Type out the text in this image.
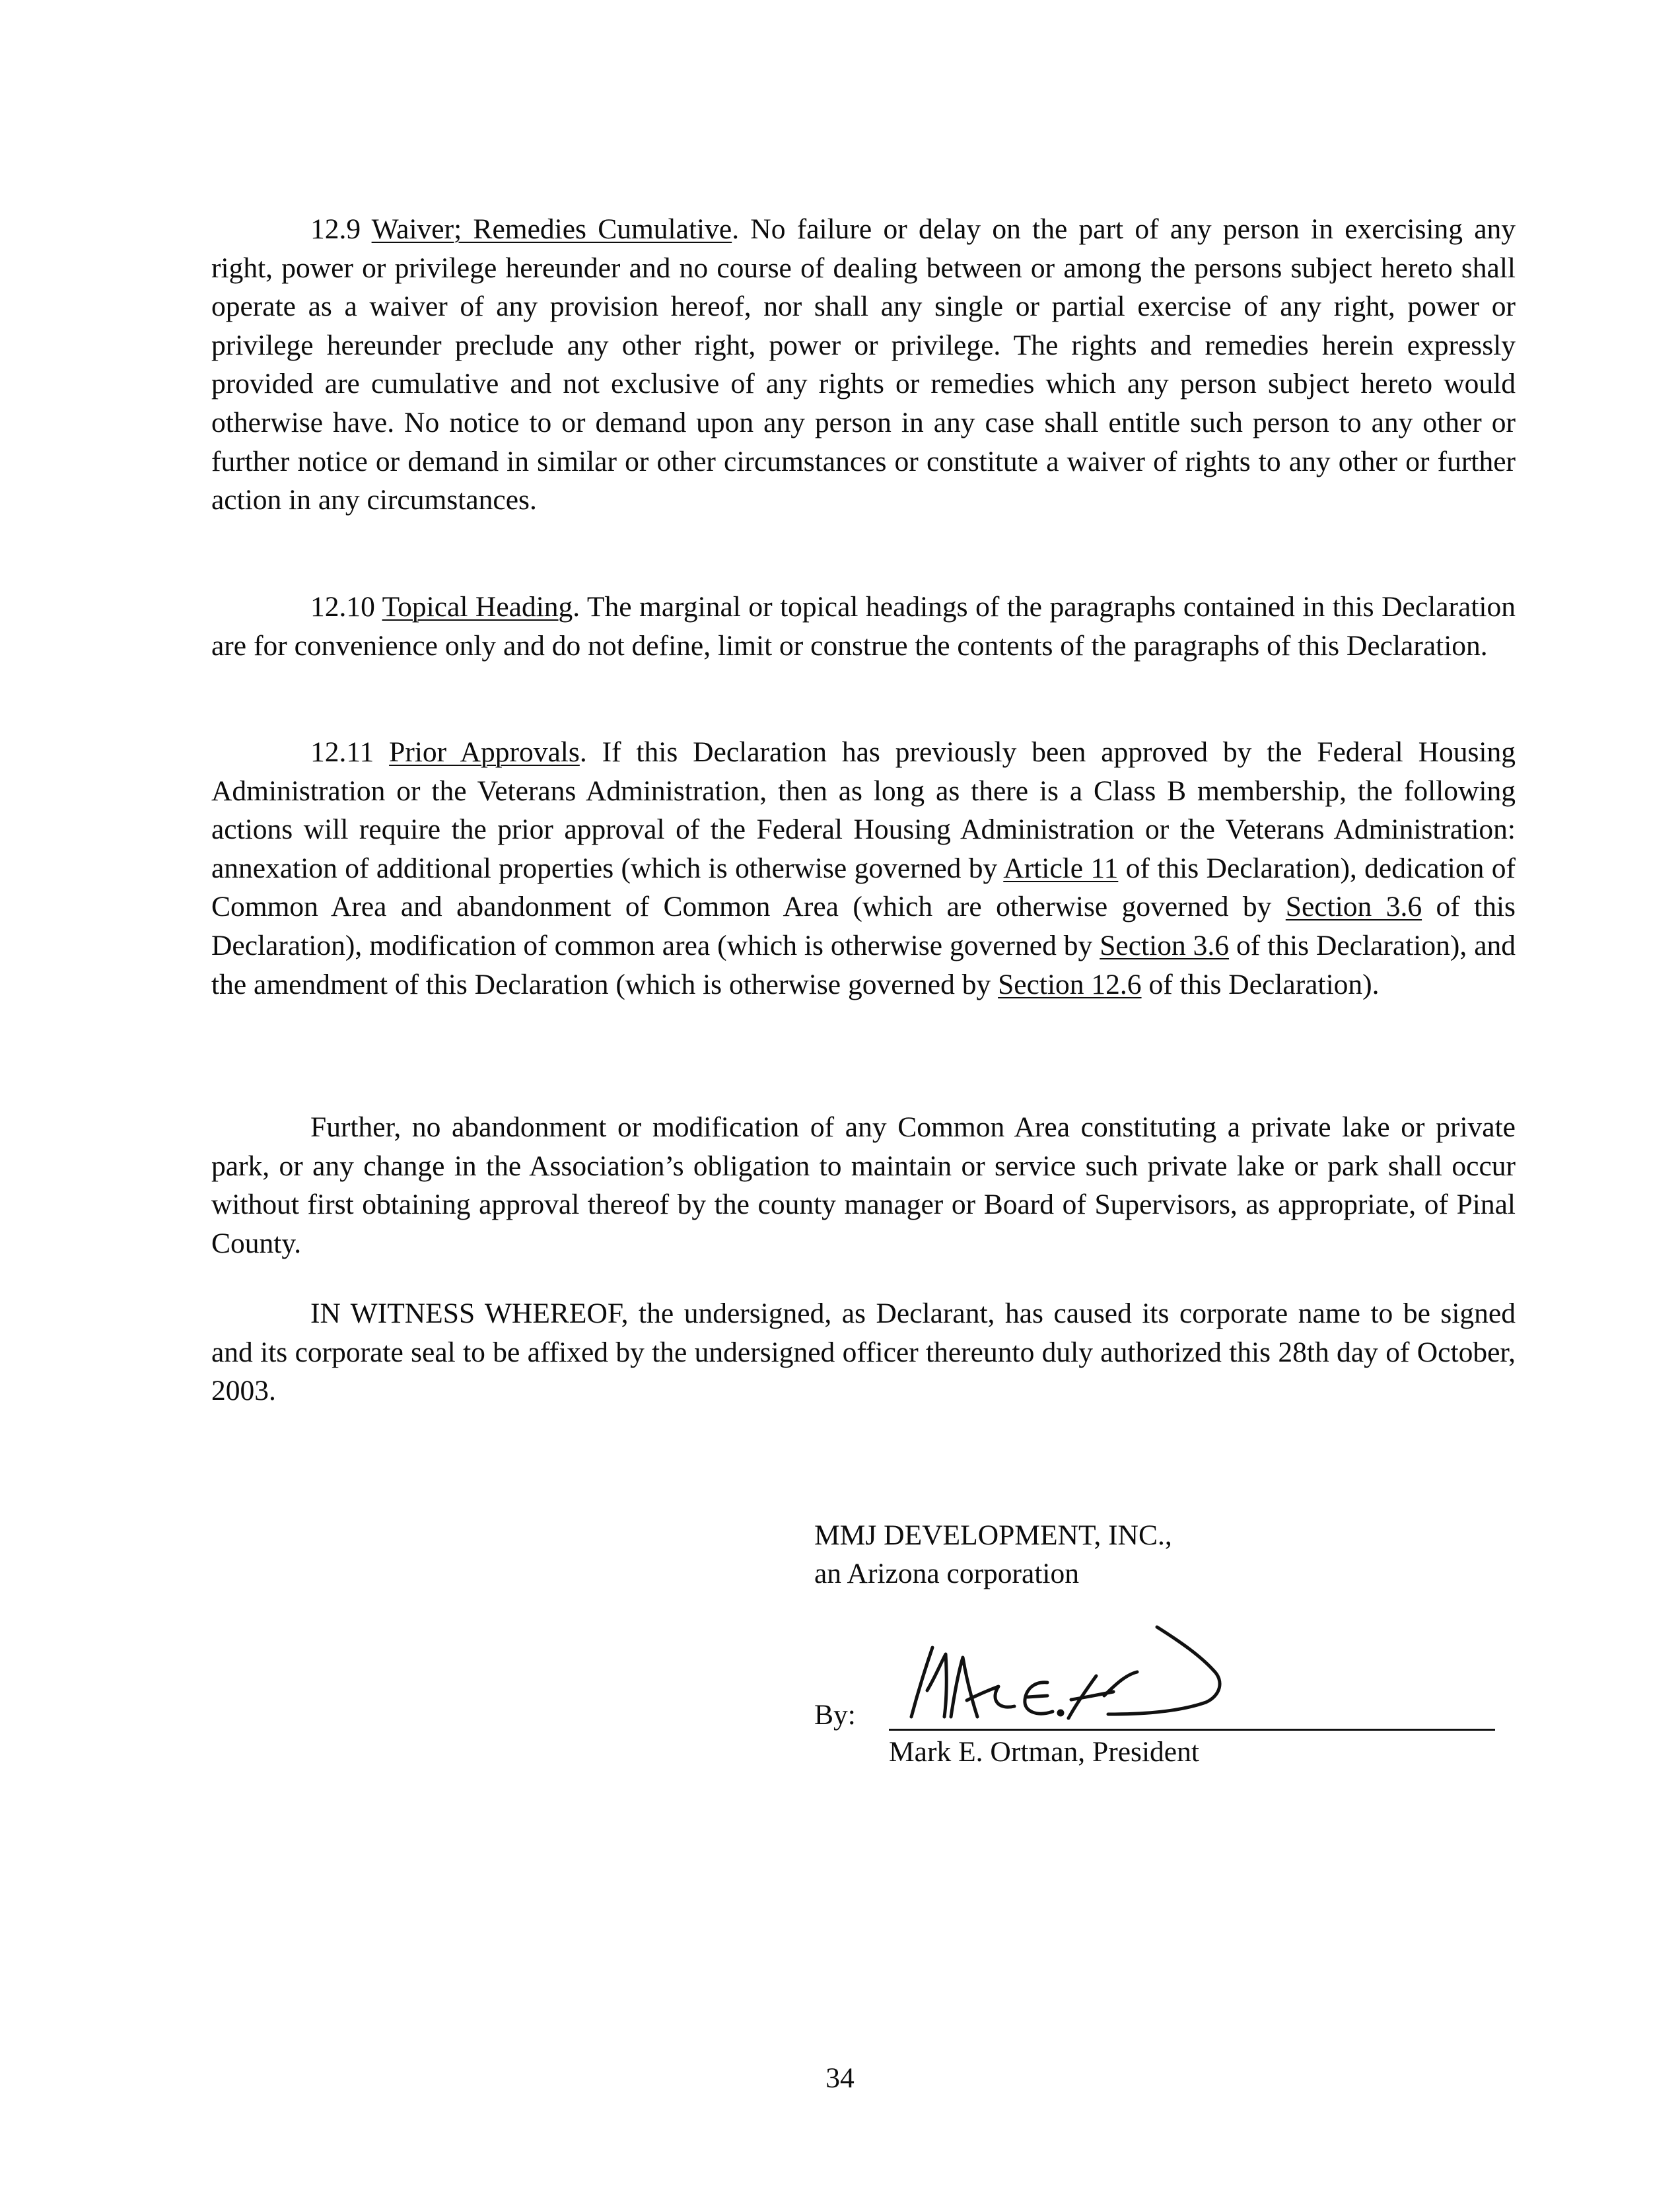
12.9 Waiver; Remedies Cumulative. No failure or delay on the part of any person in exercising any right, power or privilege hereunder and no course of dealing between or among the persons subject hereto shall operate as a waiver of any provision hereof, nor shall any single or partial exercise of any right, power or privilege hereunder preclude any other right, power or privilege. The rights and remedies herein expressly provided are cumulative and not exclusive of any rights or remedies which any person subject hereto would otherwise have. No notice to or demand upon any person in any case shall entitle such person to any other or further notice or demand in similar or other circumstances or constitute a waiver of rights to any other or further action in any circumstances.

12.10 Topical Heading. The marginal or topical headings of the paragraphs contained in this Declaration are for convenience only and do not define, limit or construe the contents of the paragraphs of this Declaration.

12.11 Prior Approvals. If this Declaration has previously been approved by the Federal Housing Administration or the Veterans Administration, then as long as there is a Class B membership, the following actions will require the prior approval of the Federal Housing Administration or the Veterans Administration: annexation of additional properties (which is otherwise governed by Article 11 of this Declaration), dedication of Common Area and abandonment of Common Area (which are otherwise governed by Section 3.6 of this Declaration), modification of common area (which is otherwise governed by Section 3.6 of this Declaration), and the amendment of this Declaration (which is otherwise governed by Section 12.6 of this Declaration).

Further, no abandonment or modification of any Common Area constituting a private lake or private park, or any change in the Association’s obligation to maintain or service such private lake or park shall occur without first obtaining approval thereof by the county manager or Board of Supervisors, as appropriate, of Pinal County.

IN WITNESS WHEREOF, the undersigned, as Declarant, has caused its corporate name to be signed and its corporate seal to be affixed by the undersigned officer thereunto duly authorized this 28th day of October, 2003.

MMJ DEVELOPMENT, INC.,
an Arizona corporation
By:
Mark E. Ortman, President
34
